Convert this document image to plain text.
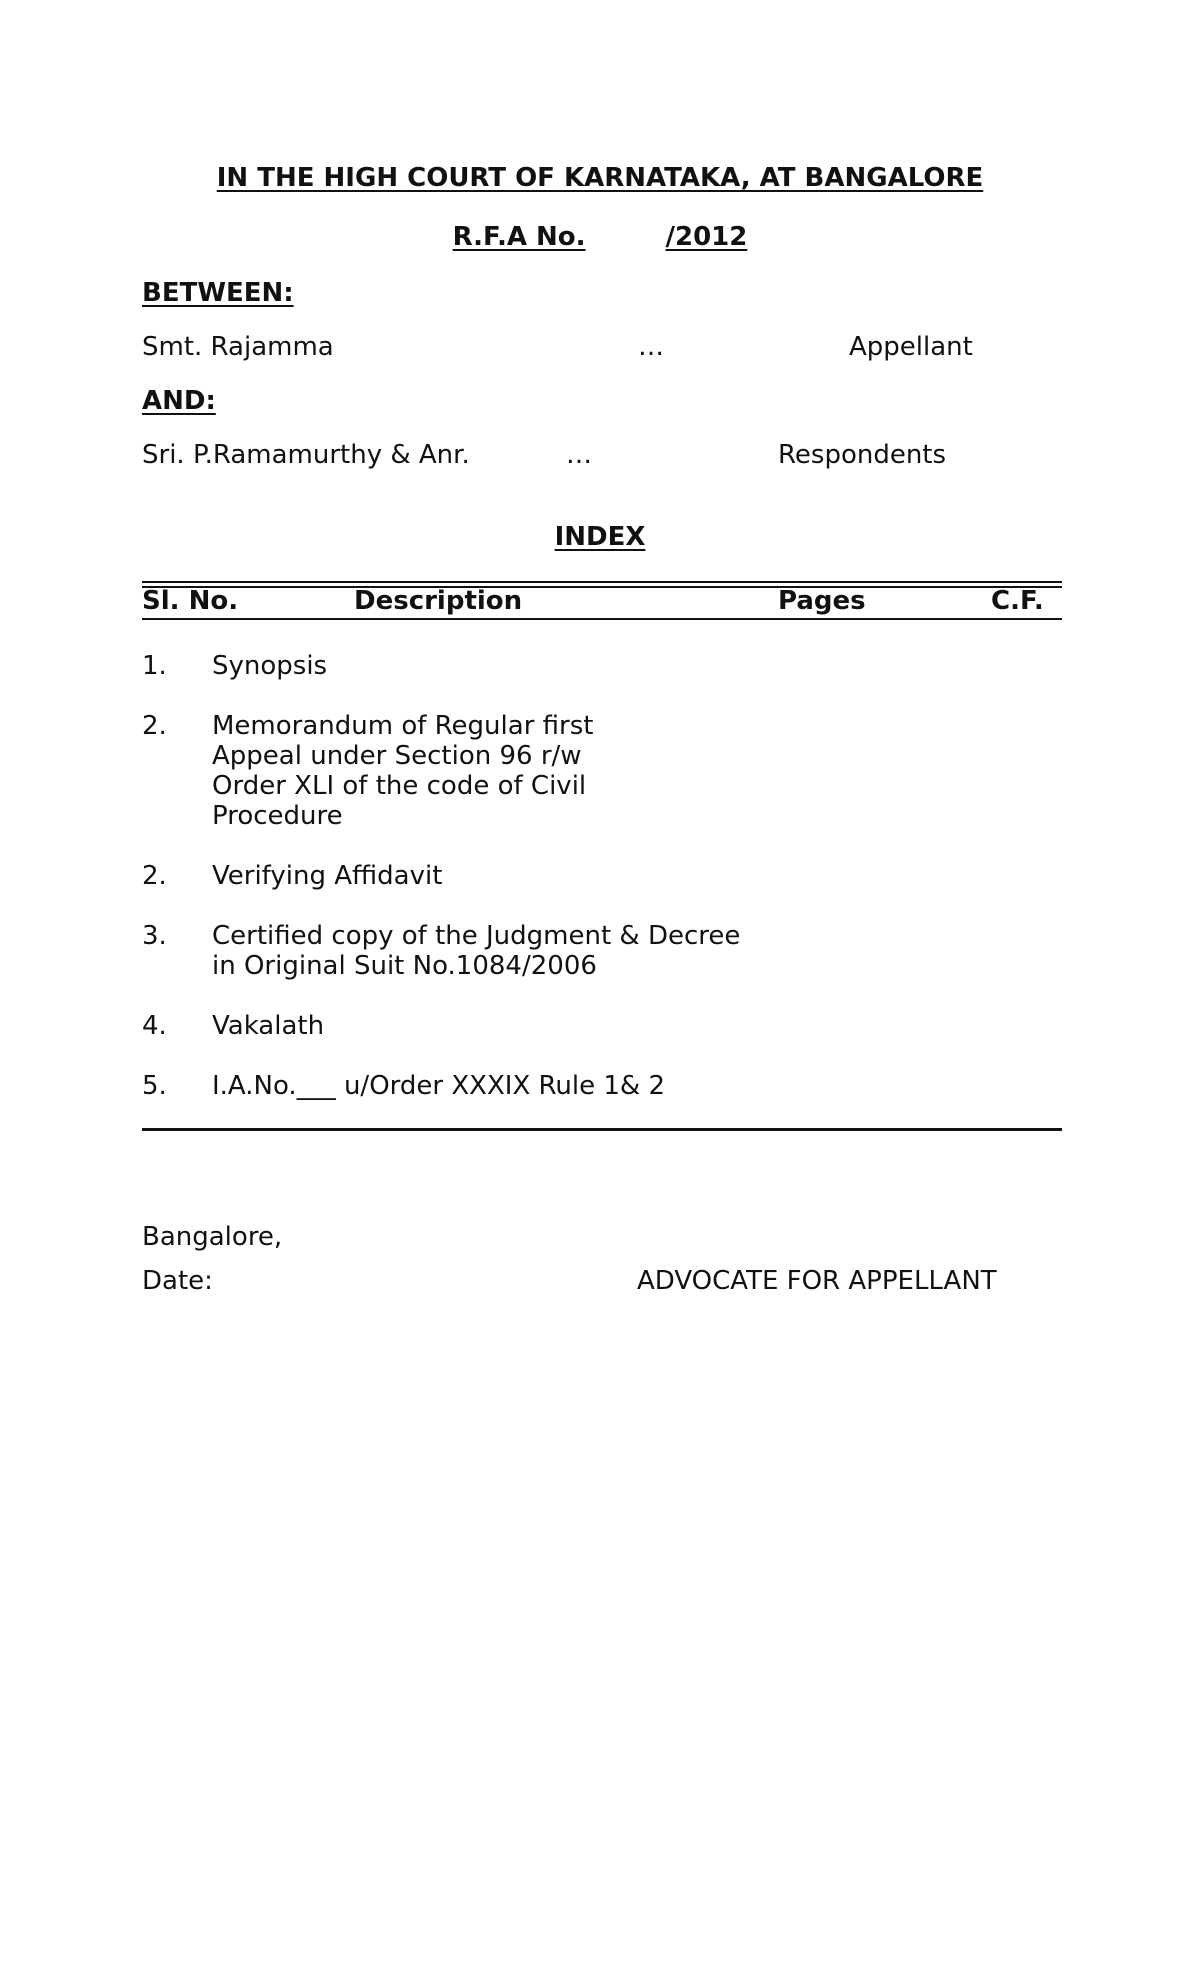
IN THE HIGH COURT OF KARNATAKA, AT BANGALORE
R.F.A No.	/2012
BETWEEN:
Smt. Rajamma	…	Appellant
AND:
Sri. P.Ramamurthy & Anr.	…	Respondents
INDEX
Sl. No.	Description	Pages	C.F.
1. Synopsis
2. Memorandum of Regular first
Appeal under Section 96 r/w
Order XLI of the code of Civil
Procedure
2. Verifying Affidavit
3. Certified copy of the Judgment & Decree
in Original Suit No.1084/2006
4. Vakalath
5. I.A.No.___ u/Order XXXIX Rule 1& 2
Bangalore,
Date:	ADVOCATE FOR APPELLANT
